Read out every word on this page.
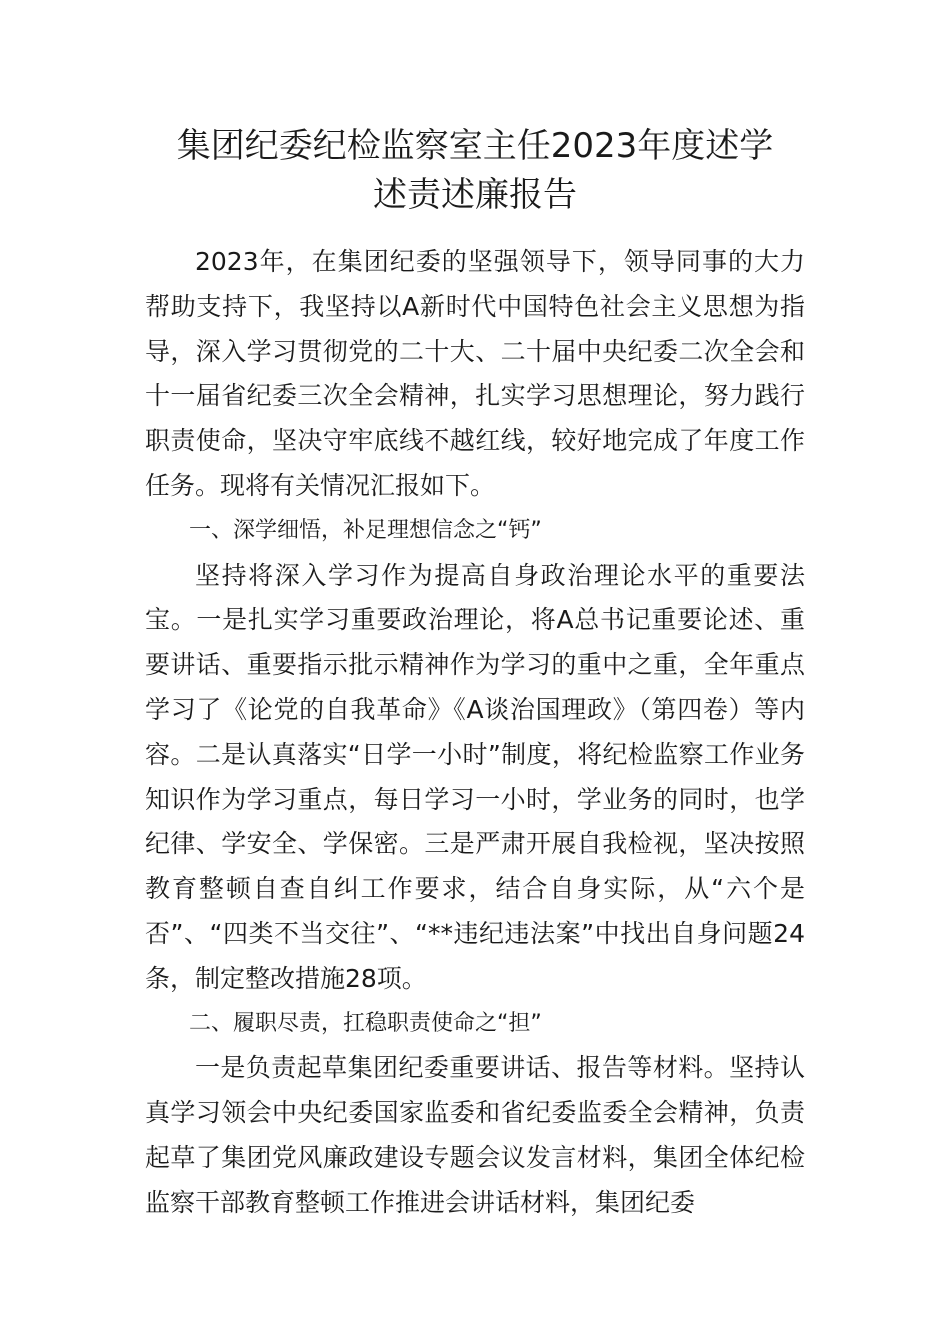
集团纪委纪检监察室主任2023年度述学
述责述廉报告

2023年，在集团纪委的坚强领导下，领导同事的大力帮助支持下，我坚持以A新时代中国特色社会主义思想为指导，深入学习贯彻党的二十大、二十届中央纪委二次全会和十一届省纪委三次全会精神，扎实学习思想理论，努力践行职责使命，坚决守牢底线不越红线，较好地完成了年度工作任务。现将有关情况汇报如下。

一、深学细悟，补足理想信念之“钙”

坚持将深入学习作为提高自身政治理论水平的重要法宝。一是扎实学习重要政治理论，将A总书记重要论述、重要讲话、重要指示批示精神作为学习的重中之重，全年重点学习了《论党的自我革命》《A谈治国理政》（第四卷）等内容。二是认真落实“日学一小时”制度，将纪检监察工作业务知识作为学习重点，每日学习一小时，学业务的同时，也学纪律、学安全、学保密。三是严肃开展自我检视，坚决按照教育整顿自查自纠工作要求，结合自身实际，从“六个是否”、“四类不当交往”、“**违纪违法案”中找出自身问题24条，制定整改措施28项。

二、履职尽责，扛稳职责使命之“担”

一是负责起草集团纪委重要讲话、报告等材料。坚持认真学习领会中央纪委国家监委和省纪委监委全会精神，负责起草了集团党风廉政建设专题会议发言材料，集团全体纪检监察干部教育整顿工作推进会讲话材料，集团纪委
